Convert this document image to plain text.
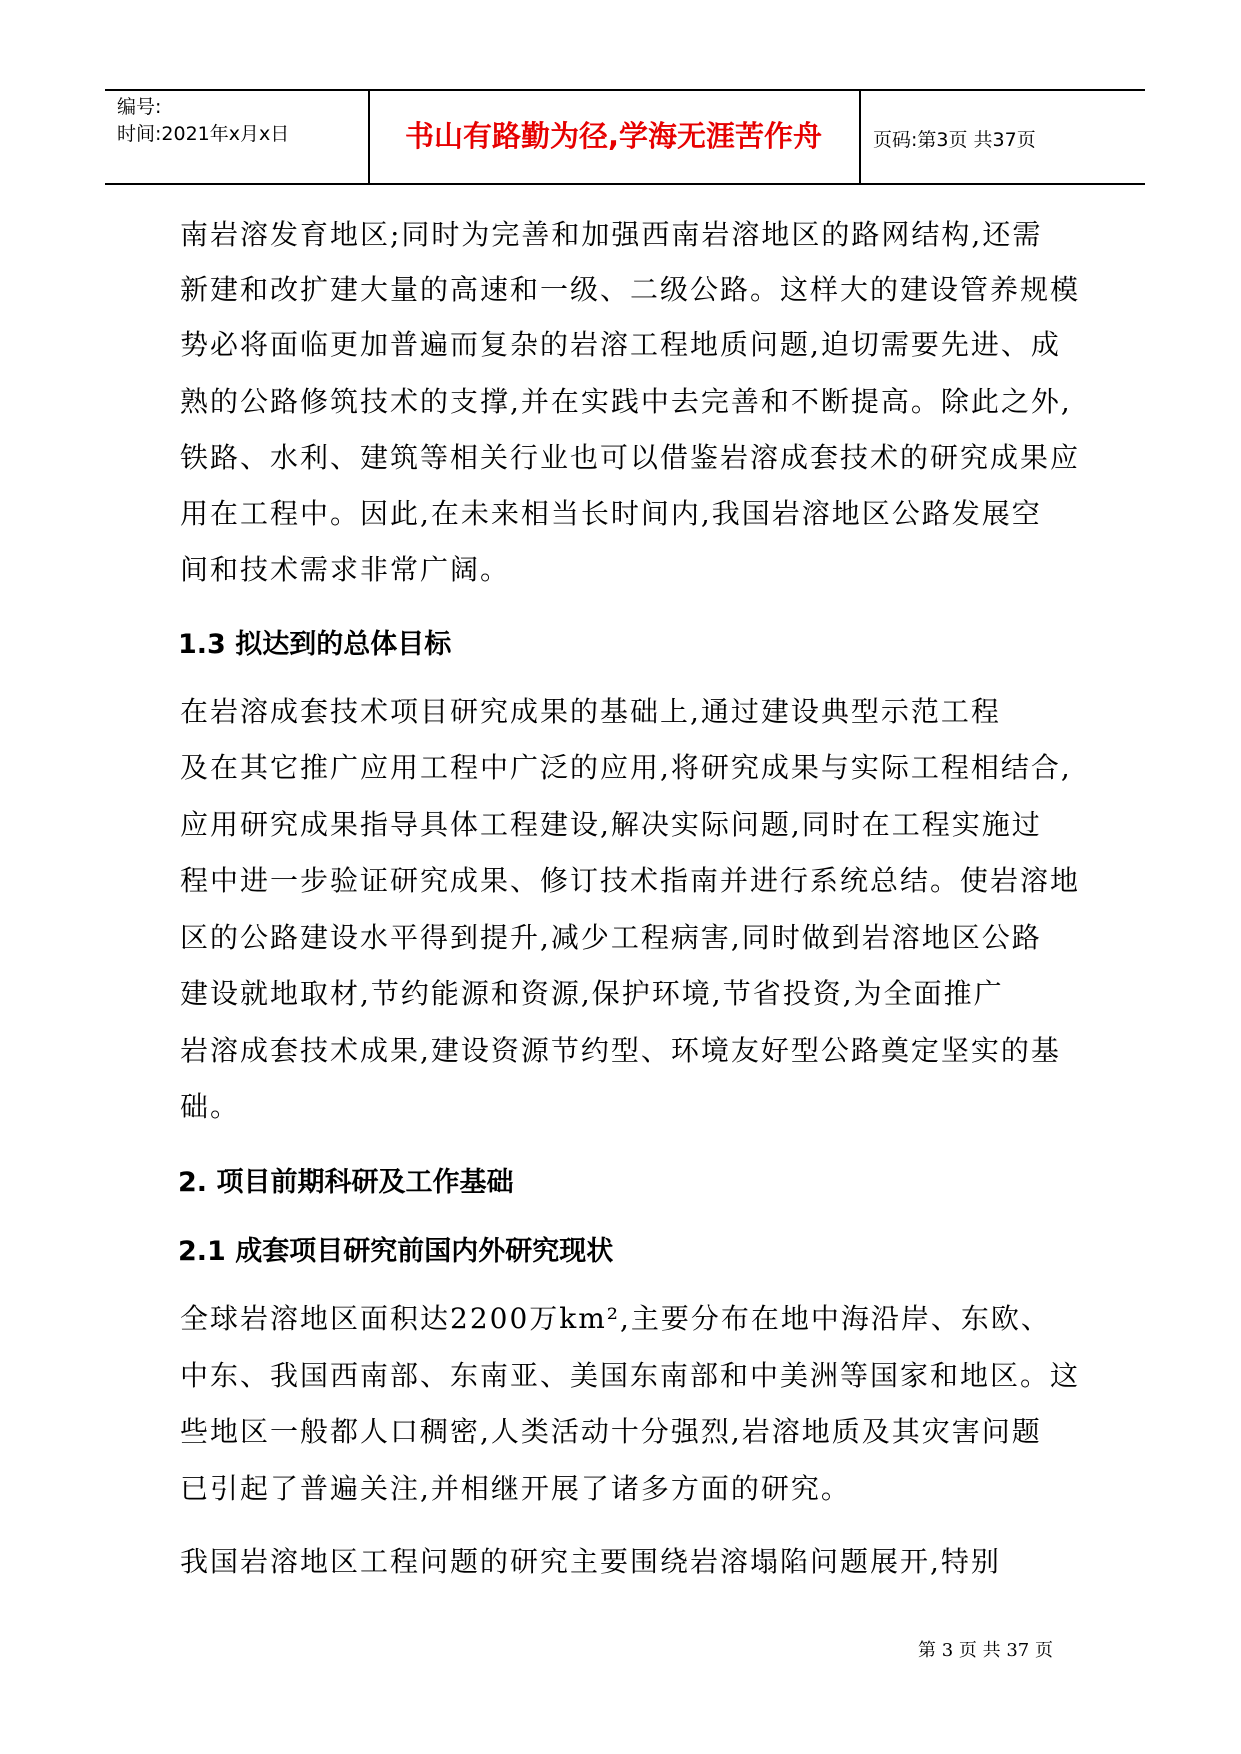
编号:
时间:2021年x月x日	书山有路勤为径,学海无涯苦作舟	页码:第3页 共37页
南岩溶发育地区;同时为完善和加强西南岩溶地区的路网结构,还需
新建和改扩建大量的高速和一级、二级公路。这样大的建设管养规模
势必将面临更加普遍而复杂的岩溶工程地质问题,迫切需要先进、成
熟的公路修筑技术的支撑,并在实践中去完善和不断提高。除此之外,
铁路、水利、建筑等相关行业也可以借鉴岩溶成套技术的研究成果应
用在工程中。因此,在未来相当长时间内,我国岩溶地区公路发展空
间和技术需求非常广阔。
1.3 拟达到的总体目标
在岩溶成套技术项目研究成果的基础上,通过建设典型示范工程
及在其它推广应用工程中广泛的应用,将研究成果与实际工程相结合,
应用研究成果指导具体工程建设,解决实际问题,同时在工程实施过
程中进一步验证研究成果、修订技术指南并进行系统总结。使岩溶地
区的公路建设水平得到提升,减少工程病害,同时做到岩溶地区公路
建设就地取材,节约能源和资源,保护环境,节省投资,为全面推广
岩溶成套技术成果,建设资源节约型、环境友好型公路奠定坚实的基
础。
2. 项目前期科研及工作基础
2.1 成套项目研究前国内外研究现状
全球岩溶地区面积达2200万km²,主要分布在地中海沿岸、东欧、
中东、我国西南部、东南亚、美国东南部和中美洲等国家和地区。这
些地区一般都人口稠密,人类活动十分强烈,岩溶地质及其灾害问题
已引起了普遍关注,并相继开展了诸多方面的研究。
我国岩溶地区工程问题的研究主要围绕岩溶塌陷问题展开,特别
第 3 页 共 37 页
